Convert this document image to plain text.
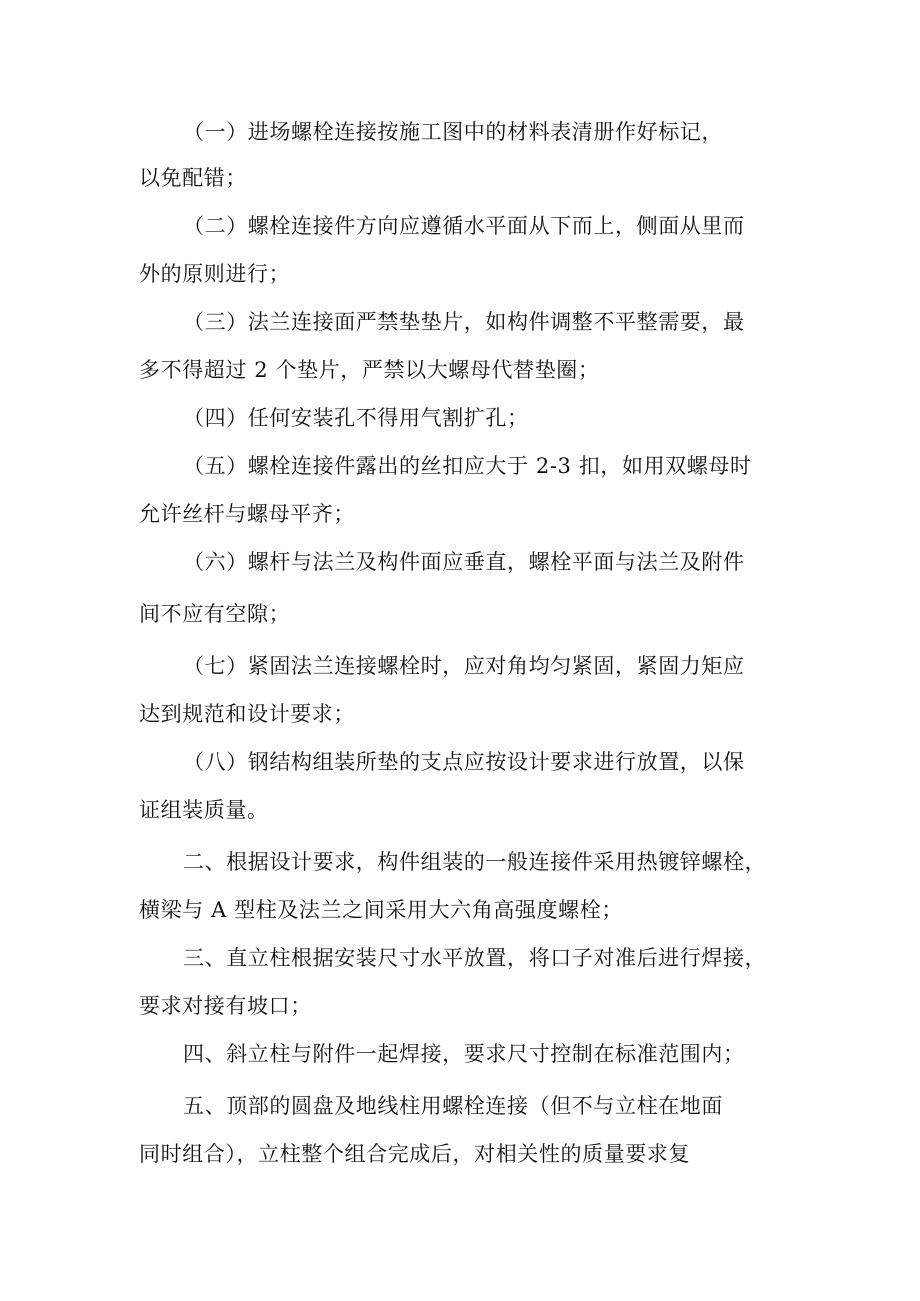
（一）进场螺栓连接按施工图中的材料表清册作好标记，
以免配错；
（二）螺栓连接件方向应遵循水平面从下而上，侧面从里而
外的原则进行；
（三）法兰连接面严禁垫垫片，如构件调整不平整需要，最
多不得超过 2 个垫片，严禁以大螺母代替垫圈；
（四）任何安装孔不得用气割扩孔；
（五）螺栓连接件露出的丝扣应大于 2-3 扣，如用双螺母时
允许丝杆与螺母平齐；
（六）螺杆与法兰及构件面应垂直，螺栓平面与法兰及附件
间不应有空隙；
（七）紧固法兰连接螺栓时，应对角均匀紧固，紧固力矩应
达到规范和设计要求；
（八）钢结构组装所垫的支点应按设计要求进行放置，以保
证组装质量。
二、根据设计要求，构件组装的一般连接件采用热镀锌螺栓，
横梁与 A 型柱及法兰之间采用大六角高强度螺栓；
三、直立柱根据安装尺寸水平放置，将口子对准后进行焊接，
要求对接有坡口；
四、斜立柱与附件一起焊接，要求尺寸控制在标准范围内；
五、顶部的圆盘及地线柱用螺栓连接（但不与立柱在地面
同时组合），立柱整个组合完成后，对相关性的质量要求复
